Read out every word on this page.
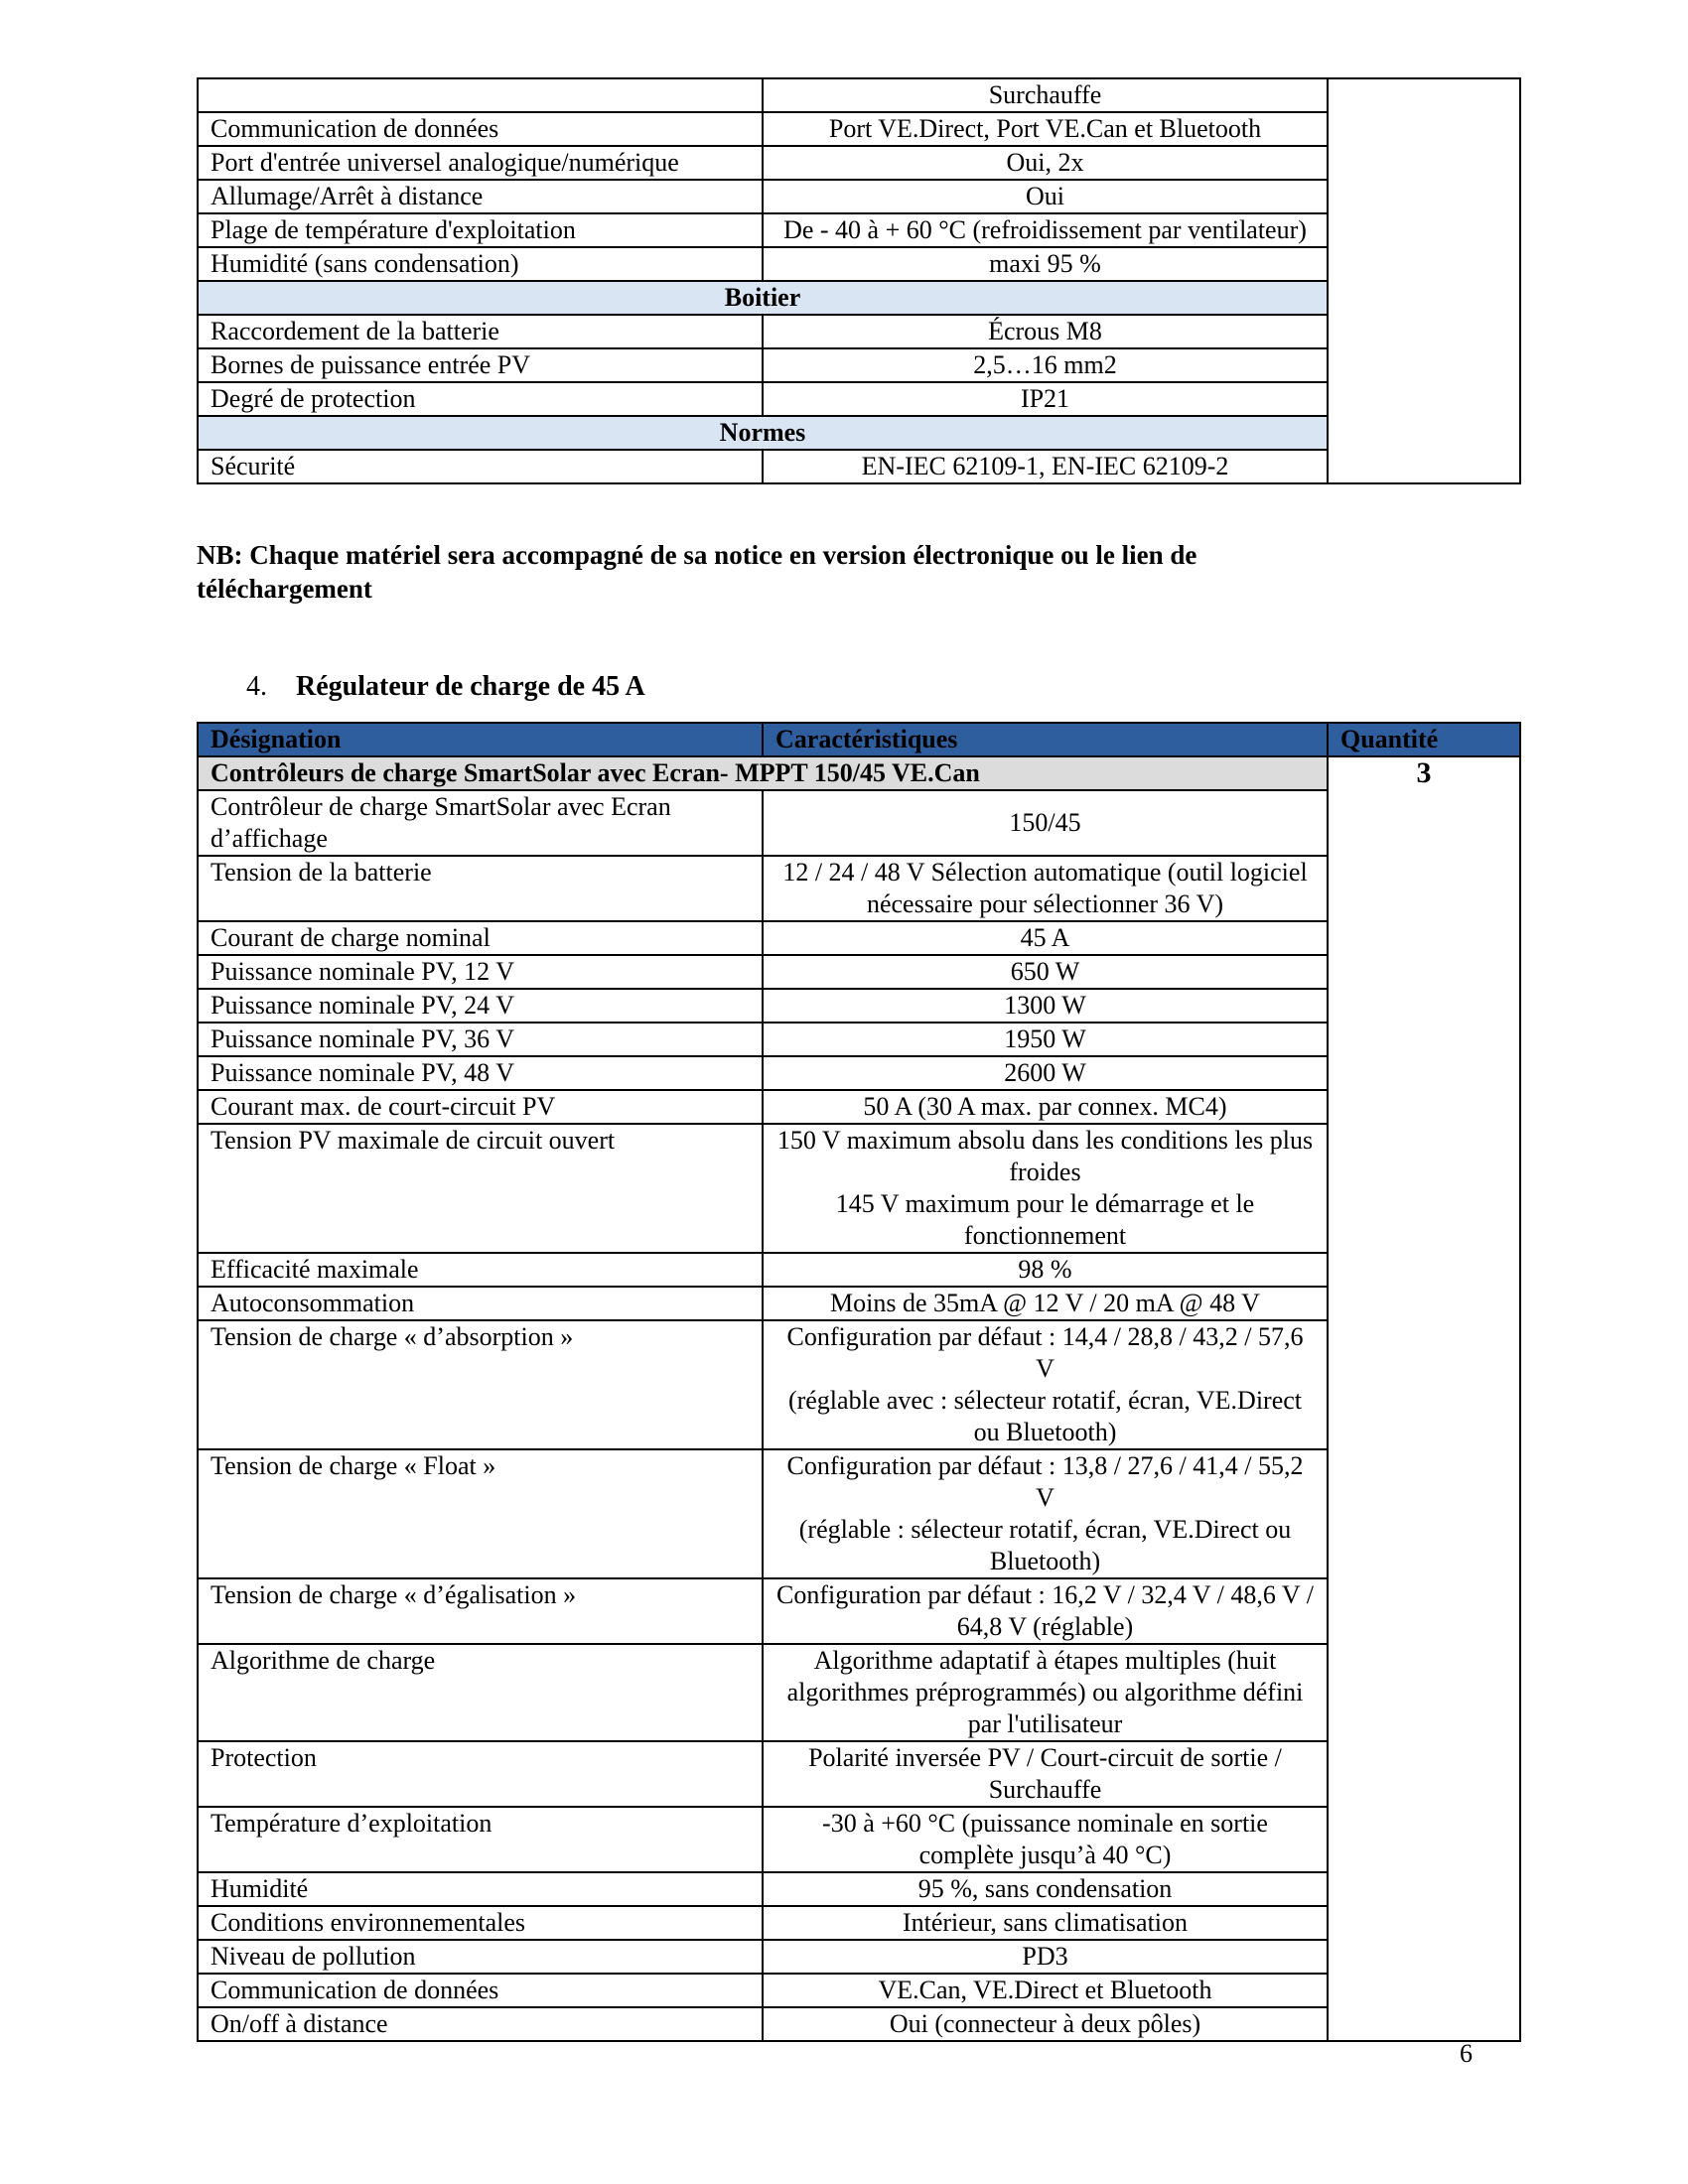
	Surchauffe	
Communication de données	Port VE.Direct, Port VE.Can et Bluetooth	
Port d'entrée universel analogique/numérique	Oui, 2x	
Allumage/Arrêt à distance	Oui	
Plage de température d'exploitation	De - 40 à + 60 °C (refroidissement par ventilateur)	
Humidité (sans condensation)	maxi 95 %	
Boitier		
Raccordement de la batterie	Écrous M8	
Bornes de puissance entrée PV	2,5…16 mm2	
Degré de protection	IP21	
Normes		
Sécurité	EN-IEC 62109-1, EN-IEC 62109-2	
NB: Chaque matériel sera accompagné de sa notice en version électronique ou le lien de téléchargement
4. Régulateur de charge de 45 A
Désignation	Caractéristiques	Quantité
Contrôleurs de charge SmartSolar avec Ecran- MPPT 150/45 VE.Can		3
Contrôleur de charge SmartSolar avec Ecran d’affichage	150/45	
Tension de la batterie	12 / 24 / 48 V Sélection automatique (outil logiciel nécessaire pour sélectionner 36 V)	
Courant de charge nominal	45 A	
Puissance nominale PV, 12 V	650 W	
Puissance nominale PV, 24 V	1300 W	
Puissance nominale PV, 36 V	1950 W	
Puissance nominale PV, 48 V	2600 W	
Courant max. de court-circuit PV	50 A (30 A max. par connex. MC4)	
Tension PV maximale de circuit ouvert	150 V maximum absolu dans les conditions les plus froides
145 V maximum pour le démarrage et le fonctionnement	

Efficacité maximale	98 %	
Autoconsommation	Moins de 35mA @ 12 V / 20 mA @ 48 V	
Tension de charge « d’absorption »	Configuration par défaut : 14,4 / 28,8 / 43,2 / 57,6 V
(réglable avec : sélecteur rotatif, écran, VE.Direct ou Bluetooth)	

Tension de charge « Float »	Configuration par défaut : 13,8 / 27,6 / 41,4 / 55,2 V
(réglable : sélecteur rotatif, écran, VE.Direct ou Bluetooth)	

Tension de charge « d’égalisation »	Configuration par défaut : 16,2 V / 32,4 V / 48,6 V / 64,8 V (réglable)	
Algorithme de charge	Algorithme adaptatif à étapes multiples (huit algorithmes préprogrammés) ou algorithme défini par l'utilisateur	
Protection	Polarité inversée PV / Court-circuit de sortie / Surchauffe	
Température d’exploitation	-30 à +60 °C (puissance nominale en sortie complète jusqu’à 40 °C)	
Humidité	95 %, sans condensation	
Conditions environnementales	Intérieur, sans climatisation	
Niveau de pollution	PD3	
Communication de données	VE.Can, VE.Direct et Bluetooth	
On/off à distance	Oui (connecteur à deux pôles)	
6
